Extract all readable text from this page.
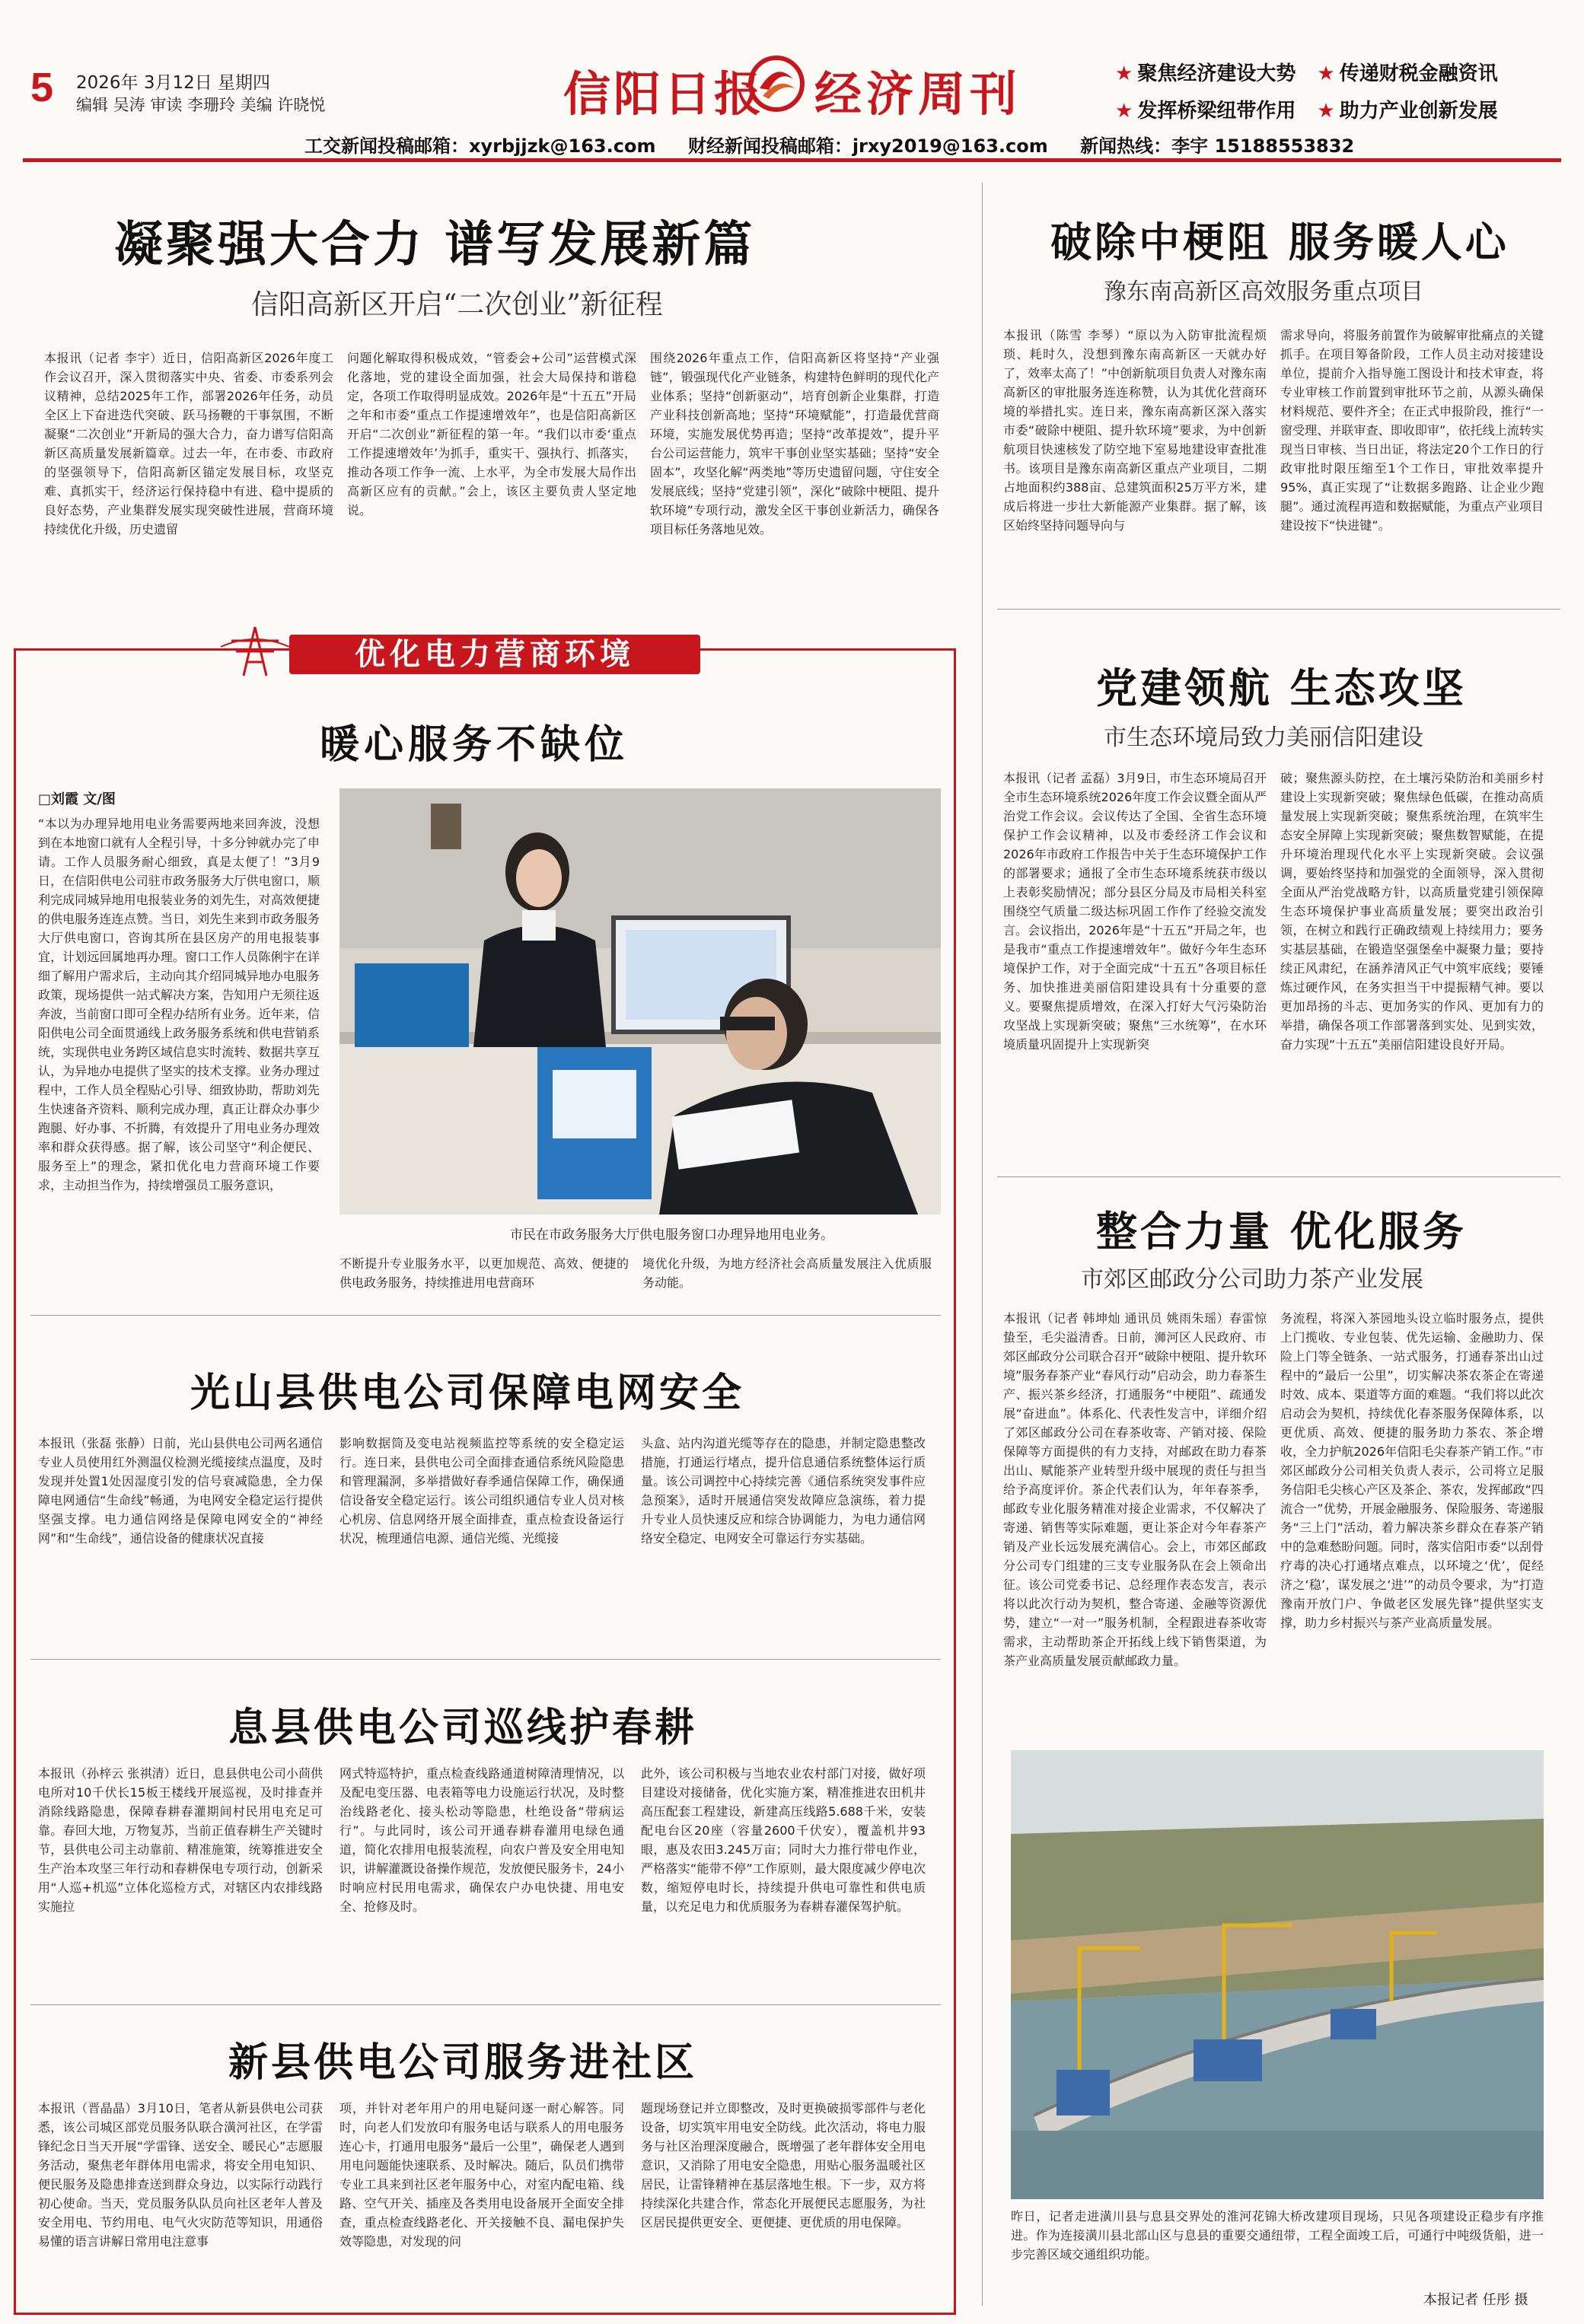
5 2026年 3月12日 星期四
编辑 吴涛 审读 李珊玲 美编 许晓悦	信阳日报 经济周刊	★ 聚焦经济建设大势	★ 传递财税金融资讯
★ 发挥桥梁纽带作用	★ 助力产业创新发展
工交新闻投稿邮箱：xyrbjjzk@163.com 财经新闻投稿邮箱：jrxy2019@163.com 新闻热线：李宇 15188553832
凝聚强大合力 谱写发展新篇
信阳高新区开启“二次创业”新征程
本报讯（记者 李宇）近日，信阳高新区2026年度工作会议召开，深入贯彻落实中央、省委、市委系列会议精神，总结2025年工作，部署2026年任务，动员全区上下奋进迭代突破、跃马扬鞭的干事氛围，不断凝聚“二次创业”开新局的强大合力，奋力谱写信阳高新区高质量发展新篇章。过去一年，在市委、市政府的坚强领导下，信阳高新区锚定发展目标，攻坚克难、真抓实干，经济运行保持稳中有进、稳中提质的良好态势，产业集群发展实现突破性进展，营商环境持续优化升级，历史遗留
问题化解取得积极成效，“管委会+公司”运营模式深化落地，党的建设全面加强，社会大局保持和谐稳定，各项工作取得明显成效。2026年是“十五五”开局之年和市委“重点工作提速增效年”，也是信阳高新区开启“二次创业”新征程的第一年。“我们以市委‘重点工作提速增效年’为抓手，重实干、强执行、抓落实，推动各项工作争一流、上水平，为全市发展大局作出高新区应有的贡献。”会上，该区主要负责人坚定地说。
围绕2026年重点工作，信阳高新区将坚持“产业强链”，锻强现代化产业链条，构建特色鲜明的现代化产业体系；坚持“创新驱动”，培育创新企业集群，打造产业科技创新高地；坚持“环境赋能”，打造最优营商环境，实施发展优势再造；坚持“改革提效”，提升平台公司运营能力，筑牢干事创业坚实基础；坚持“安全固本”，攻坚化解“两类地”等历史遗留问题，守住安全发展底线；坚持“党建引领”，深化“破除中梗阻、提升软环境”专项行动，激发全区干事创业新活力，确保各项目标任务落地见效。
破除中梗阻 服务暖人心
豫东南高新区高效服务重点项目
本报讯（陈雪 李琴）“原以为入防审批流程烦琐、耗时久，没想到豫东南高新区一天就办好了，效率太高了！”中创新航项目负责人对豫东南高新区的审批服务连连称赞，认为其优化营商环境的举措扎实。连日来，豫东南高新区深入落实市委“破除中梗阻、提升软环境”要求，为中创新航项目快速核发了防空地下室易地建设审查批准书。该项目是豫东南高新区重点产业项目，二期占地面积约388亩、总建筑面积25万平方米，建成后将进一步壮大新能源产业集群。据了解，该区始终坚持问题导向与
需求导向，将服务前置作为破解审批痛点的关键抓手。在项目筹备阶段，工作人员主动对接建设单位，提前介入指导施工图设计和技术审查，将专业审核工作前置到审批环节之前，从源头确保材料规范、要件齐全；在正式申报阶段，推行“一窗受理、并联审查、即收即审”，依托线上流转实现当日审核、当日出证，将法定20个工作日的行政审批时限压缩至1个工作日，审批效率提升95%，真正实现了“让数据多跑路、让企业少跑腿”。通过流程再造和数据赋能，为重点产业项目建设按下“快进键”。
优化电力营商环境
暖心服务不缺位
□刘霞 文/图
“本以为办理异地用电业务需要两地来回奔波，没想到在本地窗口就有人全程引导，十多分钟就办完了申请。工作人员服务耐心细致，真是太便了！”3月9日，在信阳供电公司驻市政务服务大厅供电窗口，顺利完成同城异地用电报装业务的刘先生，对高效便捷的供电服务连连点赞。当日，刘先生来到市政务服务大厅供电窗口，咨询其所在县区房产的用电报装事宜，计划远回属地再办理。窗口工作人员陈俐宇在详细了解用户需求后，主动向其介绍同城异地办电服务政策，现场提供一站式解决方案，告知用户无须往返奔波，当前窗口即可全程办结所有业务。近年来，信阳供电公司全面贯通线上政务服务系统和供电营销系统，实现供电业务跨区域信息实时流转、数据共享互认，为异地办电提供了坚实的技术支撑。业务办理过程中，工作人员全程贴心引导、细致协助，帮助刘先生快速备齐资料、顺利完成办理，真正让群众办事少跑腿、好办事、不折腾，有效提升了用电业务办理效率和群众获得感。据了解，该公司坚守“利企便民、服务至上”的理念，紧扣优化电力营商环境工作要求，主动担当作为，持续增强员工服务意识，
市民在市政务服务大厅供电服务窗口办理异地用电业务。
不断提升专业服务水平，以更加规范、高效、便捷的供电政务服务，持续推进用电营商环
境优化升级，为地方经济社会高质量发展注入优质服务动能。
光山县供电公司保障电网安全
本报讯（张磊 张静）日前，光山县供电公司两名通信专业人员使用红外测温仪检测光缆接续点温度，及时发现并处置1处因湿度引发的信号衰减隐患，全力保障电网通信“生命线”畅通，为电网安全稳定运行提供坚强支撑。电力通信网络是保障电网安全的“神经网”和“生命线”，通信设备的健康状况直接
影响数据筒及变电站视频监控等系统的安全稳定运行。连日来，县供电公司全面排查通信系统风险隐患和管理漏洞，多举措做好春季通信保障工作，确保通信设备安全稳定运行。该公司组织通信专业人员对核心机房、信息网络开展全面排查，重点检查设备运行状况，梳理通信电源、通信光缆、光缆接
头盒、站内沟道光缆等存在的隐患，并制定隐患整改措施，打通运行堵点，提升信息通信系统整体运行质量。该公司调控中心持续完善《通信系统突发事件应急预案》，适时开展通信突发故障应急演练，着力提升专业人员快速反应和综合协调能力，为电力通信网络安全稳定、电网安全可靠运行夯实基础。
息县供电公司巡线护春耕
本报讯（孙梓云 张祺清）近日，息县供电公司小茴供电所对10千伏长15板王楼线开展巡视，及时排查并消除线路隐患，保障春耕春灌期间村民用电充足可靠。春回大地，万物复苏，当前正值春耕生产关键时节，县供电公司主动靠前、精准施策，统筹推进安全生产治本攻坚三年行动和春耕保电专项行动，创新采用“人巡+机巡”立体化巡检方式，对辖区内农排线路实施拉
网式特巡特护，重点检查线路通道树障清理情况，以及配电变压器、电表箱等电力设施运行状况，及时整治线路老化、接头松动等隐患，杜绝设备“带病运行”。与此同时，该公司开通春耕春灌用电绿色通道，简化农排用电报装流程，向农户普及安全用电知识，讲解灌溉设备操作规范，发放便民服务卡，24小时响应村民用电需求，确保农户办电快捷、用电安全、抢修及时。
此外，该公司积极与当地农业农村部门对接，做好项目建设对接储备，优化实施方案，精准推进农田机井高压配套工程建设，新建高压线路5.688千米，安装配电台区20座（容量2600千伏安），覆盖机井93眼，惠及农田3.245万亩；同时大力推行带电作业，严格落实“能带不停”工作原则，最大限度减少停电次数，缩短停电时长，持续提升供电可靠性和供电质量，以充足电力和优质服务为春耕春灌保驾护航。
新县供电公司服务进社区
本报讯（晋晶晶）3月10日，笔者从新县供电公司获悉，该公司城区部党员服务队联合潢河社区，在学雷锋纪念日当天开展“学雷锋、送安全、暖民心”志愿服务活动，聚焦老年群体用电需求，将安全用电知识、便民服务及隐患排查送到群众身边，以实际行动践行初心使命。当天，党员服务队队员向社区老年人普及安全用电、节约用电、电气火灾防范等知识，用通俗易懂的语言讲解日常用电注意事
项，并针对老年用户的用电疑问逐一耐心解答。同时，向老人们发放印有服务电话与联系人的用电服务连心卡，打通用电服务“最后一公里”，确保老人遇到用电问题能快速联系、及时解决。随后，队员们携带专业工具来到社区老年服务中心，对室内配电箱、线路、空气开关、插座及各类用电设备展开全面安全排查，重点检查线路老化、开关接触不良、漏电保护失效等隐患，对发现的问
题现场登记并立即整改，及时更换破损零部件与老化设备，切实筑牢用电安全防线。此次活动，将电力服务与社区治理深度融合，既增强了老年群体安全用电意识，又消除了用电安全隐患，用贴心服务温暖社区居民，让雷锋精神在基层落地生根。下一步，双方将持续深化共建合作，常态化开展便民志愿服务，为社区居民提供更安全、更便捷、更优质的用电保障。
党建领航 生态攻坚
市生态环境局致力美丽信阳建设
本报讯（记者 孟磊）3月9日，市生态环境局召开全市生态环境系统2026年度工作会议暨全面从严治党工作会议。会议传达了全国、全省生态环境保护工作会议精神，以及市委经济工作会议和2026年市政府工作报告中关于生态环境保护工作的部署要求；通报了全市生态环境系统获市级以上表彰奖励情况；部分县区分局及市局相关科室围绕空气质量二级达标巩固工作作了经验交流发言。会议指出，2026年是“十五五”开局之年，也是我市“重点工作提速增效年”。做好今年生态环境保护工作，对于全面完成“十五五”各项目标任务、加快推进美丽信阳建设具有十分重要的意义。要聚焦提质增效，在深入打好大气污染防治攻坚战上实现新突破；聚焦“三水统筹”，在水环境质量巩固提升上实现新突
破；聚焦源头防控，在土壤污染防治和美丽乡村建设上实现新突破；聚焦绿色低碳，在推动高质量发展上实现新突破；聚焦系统治理，在筑牢生态安全屏障上实现新突破；聚焦数智赋能，在提升环境治理现代化水平上实现新突破。会议强调，要始终坚持和加强党的全面领导，深入贯彻全面从严治党战略方针，以高质量党建引领保障生态环境保护事业高质量发展；要突出政治引领，在树立和践行正确政绩观上持续用力；要务实基层基础，在锻造坚强堡垒中凝聚力量；要持续正风肃纪，在涵养清风正气中筑牢底线；要锤炼过硬作风，在务实担当干中提振精气神。要以更加昂扬的斗志、更加务实的作风、更加有力的举措，确保各项工作部署落到实处、见到实效，奋力实现“十五五”美丽信阳建设良好开局。
整合力量 优化服务
市郊区邮政分公司助力茶产业发展
本报讯（记者 韩坤灿 通讯员 姚雨朱瑶）春雷惊蛰至，毛尖溢清香。日前，浉河区人民政府、市郊区邮政分公司联合召开“破除中梗阻、提升软环境”服务春茶产业“春风行动”启动会，助力春茶生产、振兴茶乡经济，打通服务“中梗阻”、疏通发展“奋进血”。体系化、代表性发言中，详细介绍了郊区邮政分公司在春茶收寄、产销对接、保险保障等方面提供的有力支持，对邮政在助力春茶出山、赋能茶产业转型升级中展现的责任与担当给予高度评价。茶企代表们认为，年年春茶季，邮政专业化服务精准对接企业需求，不仅解决了寄递、销售等实际难题，更让茶企对今年春茶产销及产业长远发展充满信心。会上，市郊区邮政分公司专门组建的三支专业服务队在会上领命出征。该公司党委书记、总经理作表态发言，表示将以此次行动为契机，整合寄递、金融等资源优势，建立“一对一”服务机制，全程跟进春茶收寄需求，主动帮助茶企开拓线上线下销售渠道，为茶产业高质量发展贡献邮政力量。
务流程，将深入茶园地头设立临时服务点，提供上门揽收、专业包装、优先运输、金融助力、保险上门等全链条、一站式服务，打通春茶出山过程中的“最后一公里”，切实解决茶农茶企在寄递时效、成本、渠道等方面的难题。“我们将以此次启动会为契机，持续优化春茶服务保障体系，以更优质、高效、便捷的服务助力茶农、茶企增收，全力护航2026年信阳毛尖春茶产销工作。”市郊区邮政分公司相关负责人表示，公司将立足服务信阳毛尖核心产区及茶企、茶农，发挥邮政“四流合一”优势，开展金融服务、保险服务、寄递服务“三上门”活动，着力解决茶乡群众在春茶产销中的急难愁盼问题。同时，落实信阳市委“以刮骨疗毒的决心打通堵点难点，以环境之‘优’，促经济之‘稳’，谋发展之‘进’”的动员令要求，为“打造豫南开放门户、争做老区发展先锋”提供坚实支撑，助力乡村振兴与茶产业高质量发展。
昨日，记者走进潢川县与息县交界处的淮河花锦大桥改建项目现场，只见各项建设正稳步有序推进。作为连接潢川县北部山区与息县的重要交通纽带，工程全面竣工后，可通行中吨级货船，进一步完善区域交通组织功能。
本报记者 任彤 摄
